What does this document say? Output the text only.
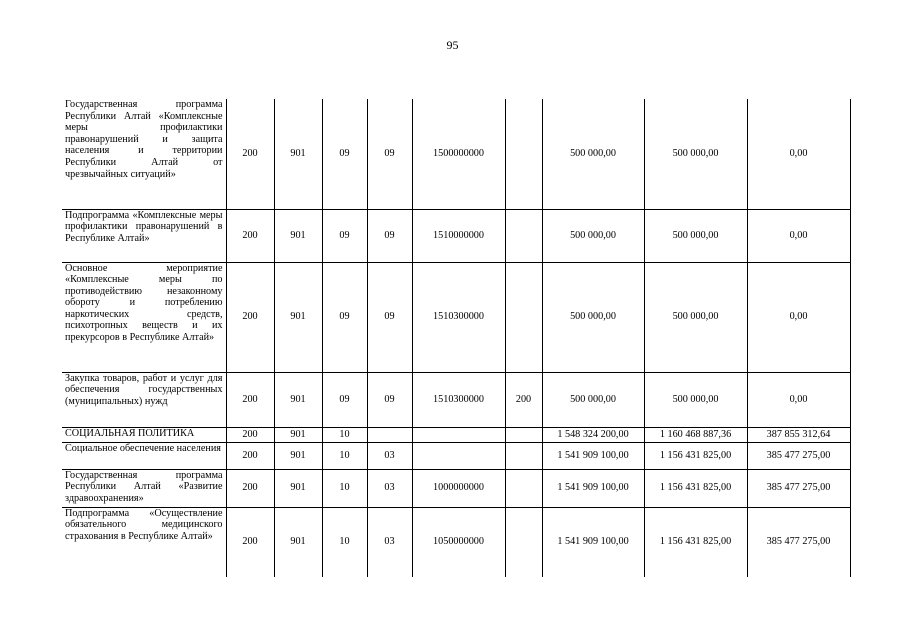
95
Государственная программа Республики Алтай «Комплексные меры профилактики правонарушений и защита населения и территории Республики Алтай от чрезвычайных ситуаций»	200	901	09	09	1500000000		500 000,00	500 000,00	0,00
Подпрограмма «Комплексные меры профилактики правонарушений в Республике Алтай»	200	901	09	09	1510000000		500 000,00	500 000,00	0,00
Основное мероприятие «Комплексные меры по противодействию незаконному обороту и потреблению наркотических средств, психотропных веществ и их прекурсоров в Республике Алтай»	200	901	09	09	1510300000		500 000,00	500 000,00	0,00
Закупка товаров, работ и услуг для обеспечения государственных (муниципальных) нужд	200	901	09	09	1510300000	200	500 000,00	500 000,00	0,00
СОЦИАЛЬНАЯ ПОЛИТИКА	200	901	10				1 548 324 200,00	1 160 468 887,36	387 855 312,64
Социальное обеспечение населения	200	901	10	03			1 541 909 100,00	1 156 431 825,00	385 477 275,00
Государственная программа Республики Алтай «Развитие здравоохранения»	200	901	10	03	1000000000		1 541 909 100,00	1 156 431 825,00	385 477 275,00
Подпрограмма «Осуществление обязательного медицинского страхования в Республике Алтай»	200	901	10	03	1050000000		1 541 909 100,00	1 156 431 825,00	385 477 275,00
